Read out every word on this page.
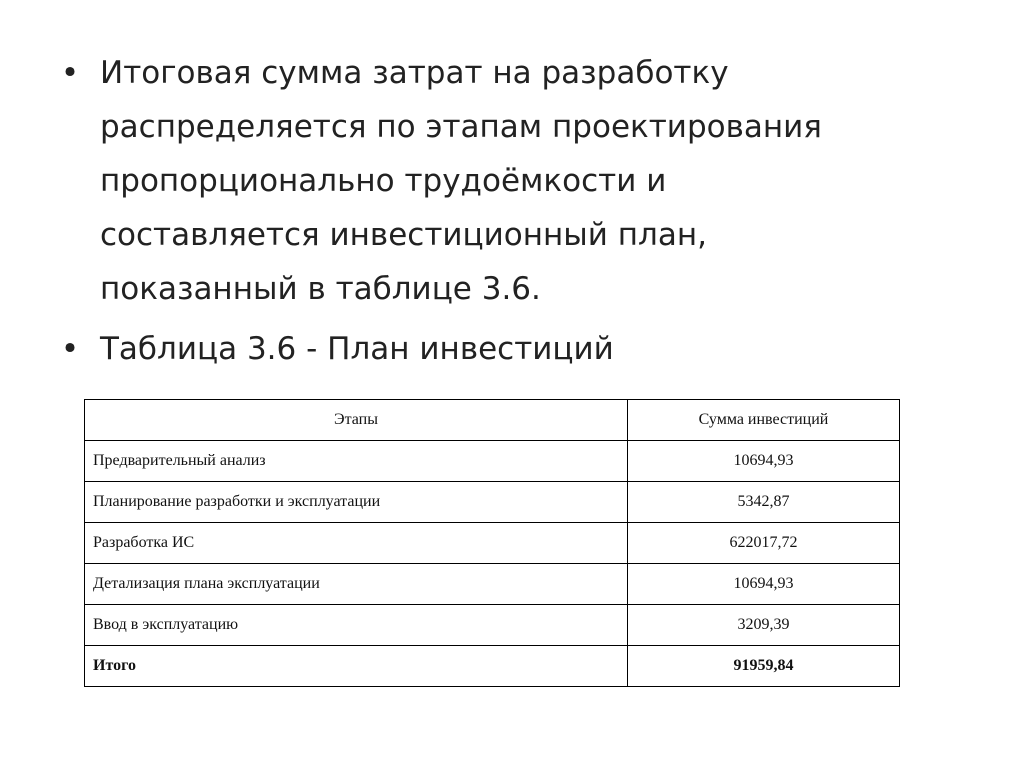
• Итоговая сумма затрат на разработку
распределяется по этапам проектирования
пропорционально трудоёмкости и
составляется инвестиционный план,
показанный в таблице 3.6.
• Таблица 3.6 - План инвестиций
Этапы	Сумма инвестиций
Предварительный анализ	10694,93
Планирование разработки и эксплуатации	5342,87
Разработка ИС	622017,72
Детализация плана эксплуатации	10694,93
Ввод в эксплуатацию	3209,39
Итого	91959,84
